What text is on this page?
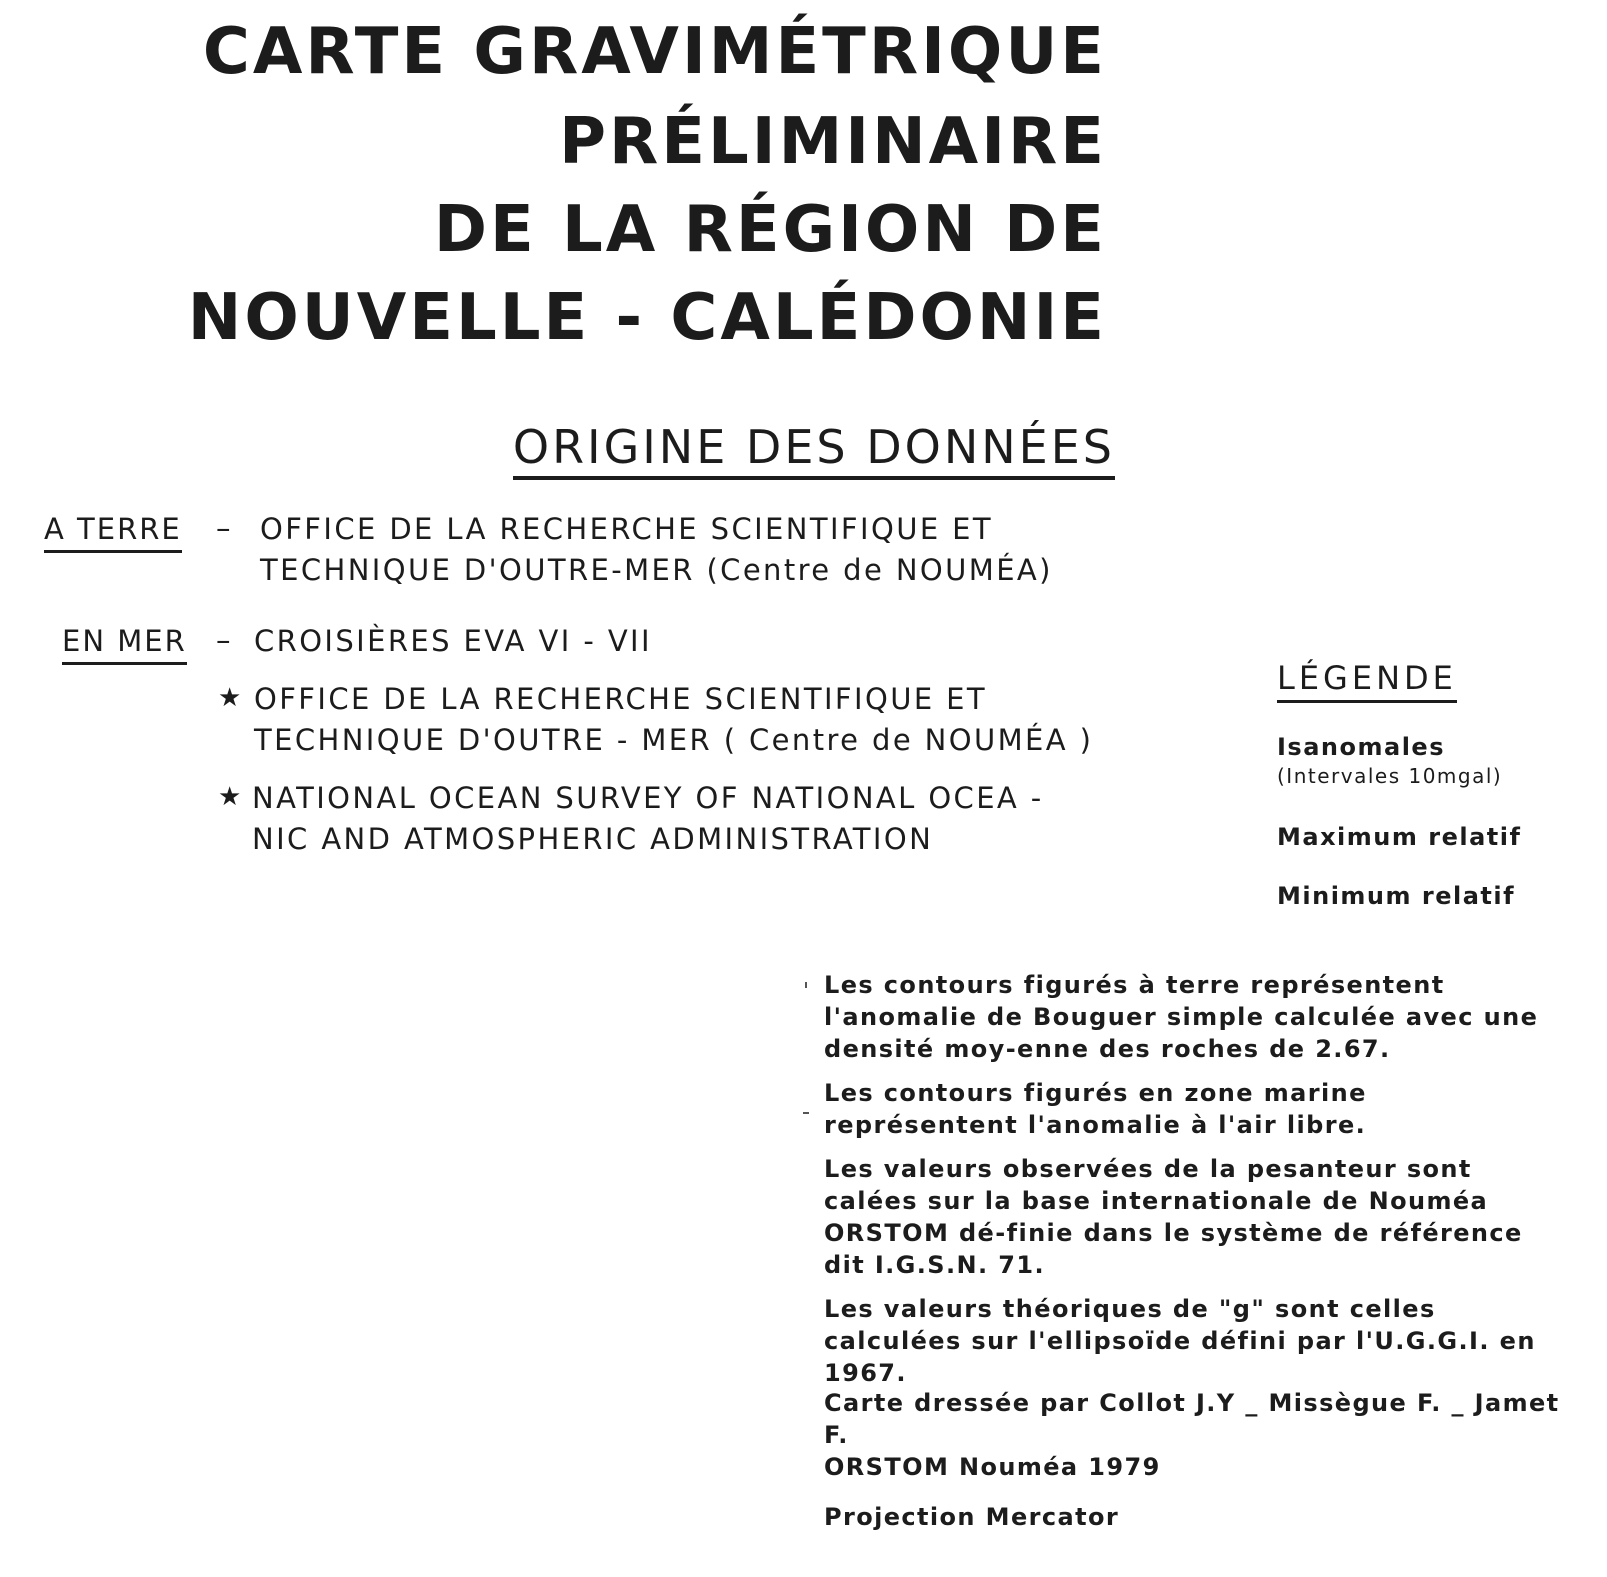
CARTE GRAVIMÉTRIQUE
PRÉLIMINAIRE
DE LA RÉGION DE
NOUVELLE - CALÉDONIE
ORIGINE DES DONNÉES
A TERRE – OFFICE DE LA RECHERCHE SCIENTIFIQUE ET
TECHNIQUE D'OUTRE-MER (Centre de NOUMÉA)
EN MER – CROISIÈRES EVA VI - VII
★ OFFICE DE LA RECHERCHE SCIENTIFIQUE ET
TECHNIQUE D'OUTRE - MER ( Centre de NOUMÉA )
★ NATIONAL OCEAN SURVEY OF NATIONAL OCEA -
NIC AND ATMOSPHERIC ADMINISTRATION
LÉGENDE
Isanomales
(Intervales 10mgal)
Maximum relatif
Minimum relatif

Les contours figurés à terre représentent l'anomalie de Bouguer simple calculée avec une densité moy-enne des roches de 2.67.

Les contours figurés en zone marine représentent l'anomalie à l'air libre.

Les valeurs observées de la pesanteur sont calées sur la base internationale de Nouméa ORSTOM dé-finie dans le système de référence dit I.G.S.N. 71.

Les valeurs théoriques de "g" sont celles calculées sur l'ellipsoïde défini par l'U.G.G.I. en 1967.

Carte dressée par Collot J.Y _ Missègue F. _ Jamet F.
ORSTOM Nouméa 1979
Projection Mercator
